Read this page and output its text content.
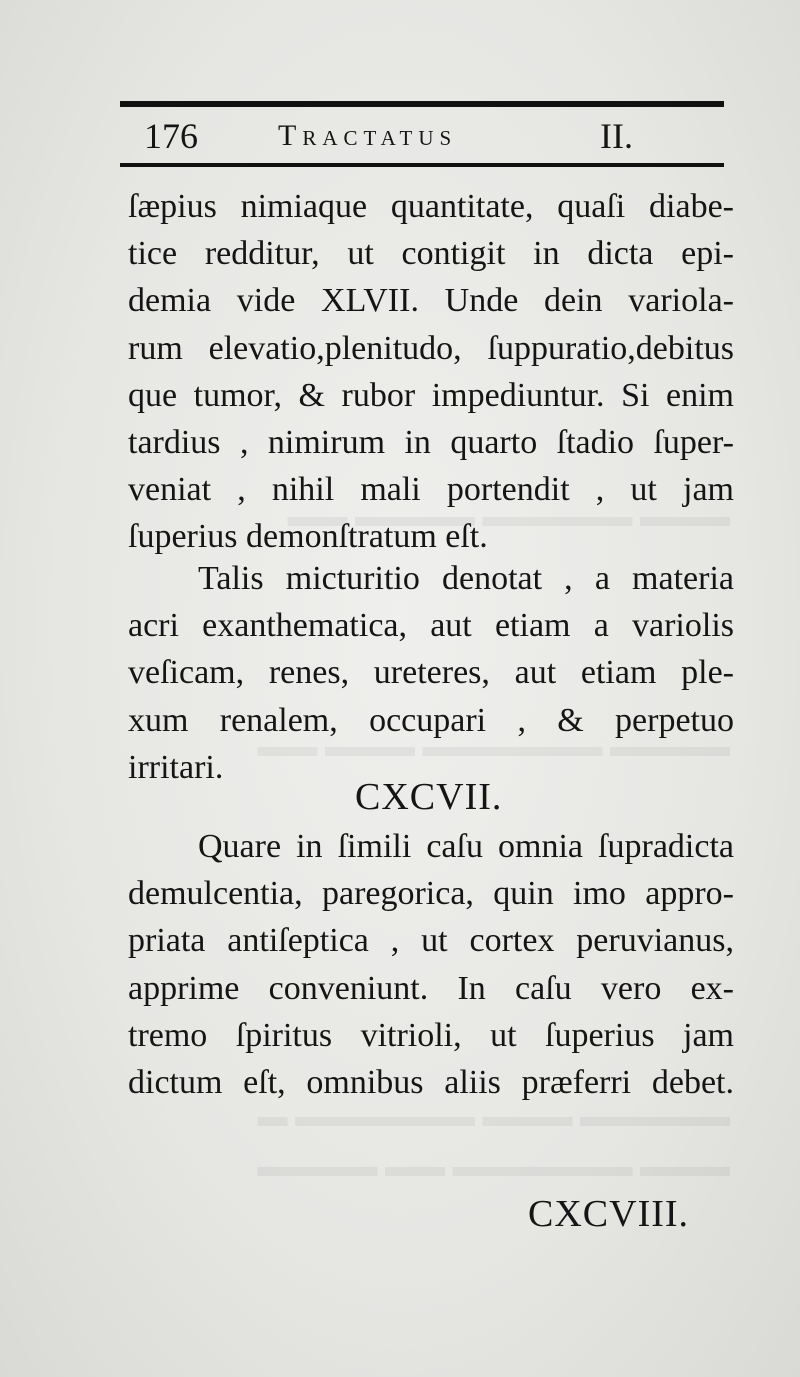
▬▬▬ ▬▬▬▬▬ ▬▬▬▬ ▬▬
▬▬▬▬ ▬▬▬▬▬▬ ▬▬▬ ▬▬
▬▬▬▬▬ ▬▬▬ ▬▬▬▬▬▬ ▬
▬▬▬ ▬▬▬▬▬▬ ▬▬ ▬▬▬▬
176	Tractatus	II.
ſæpius nimiaque quantitate, quaſi diabe-
tice redditur, ut contigit in dicta epi-
demia vide XLVII. Unde dein variola-
rum elevatio,plenitudo, ſuppuratio,debitus
que tumor, & rubor impediuntur. Si enim
tardius , nimirum in quarto ſtadio ſuper-
veniat , nihil mali portendit , ut jam
ſuperius demonſtratum eſt.
Talis micturitio denotat , a materia
acri exanthematica, aut etiam a variolis
veſicam, renes, ureteres, aut etiam ple-
xum renalem, occupari , & perpetuo
irritari.
CXCVII.
Quare in ſimili caſu omnia ſupradicta
demulcentia, paregorica, quin imo appro-
priata antiſeptica , ut cortex peruvianus,
apprime conveniunt. In caſu vero ex-
tremo ſpiritus vitrioli, ut ſuperius jam
dictum eſt, omnibus aliis præferri debet.
CXCVIII.
